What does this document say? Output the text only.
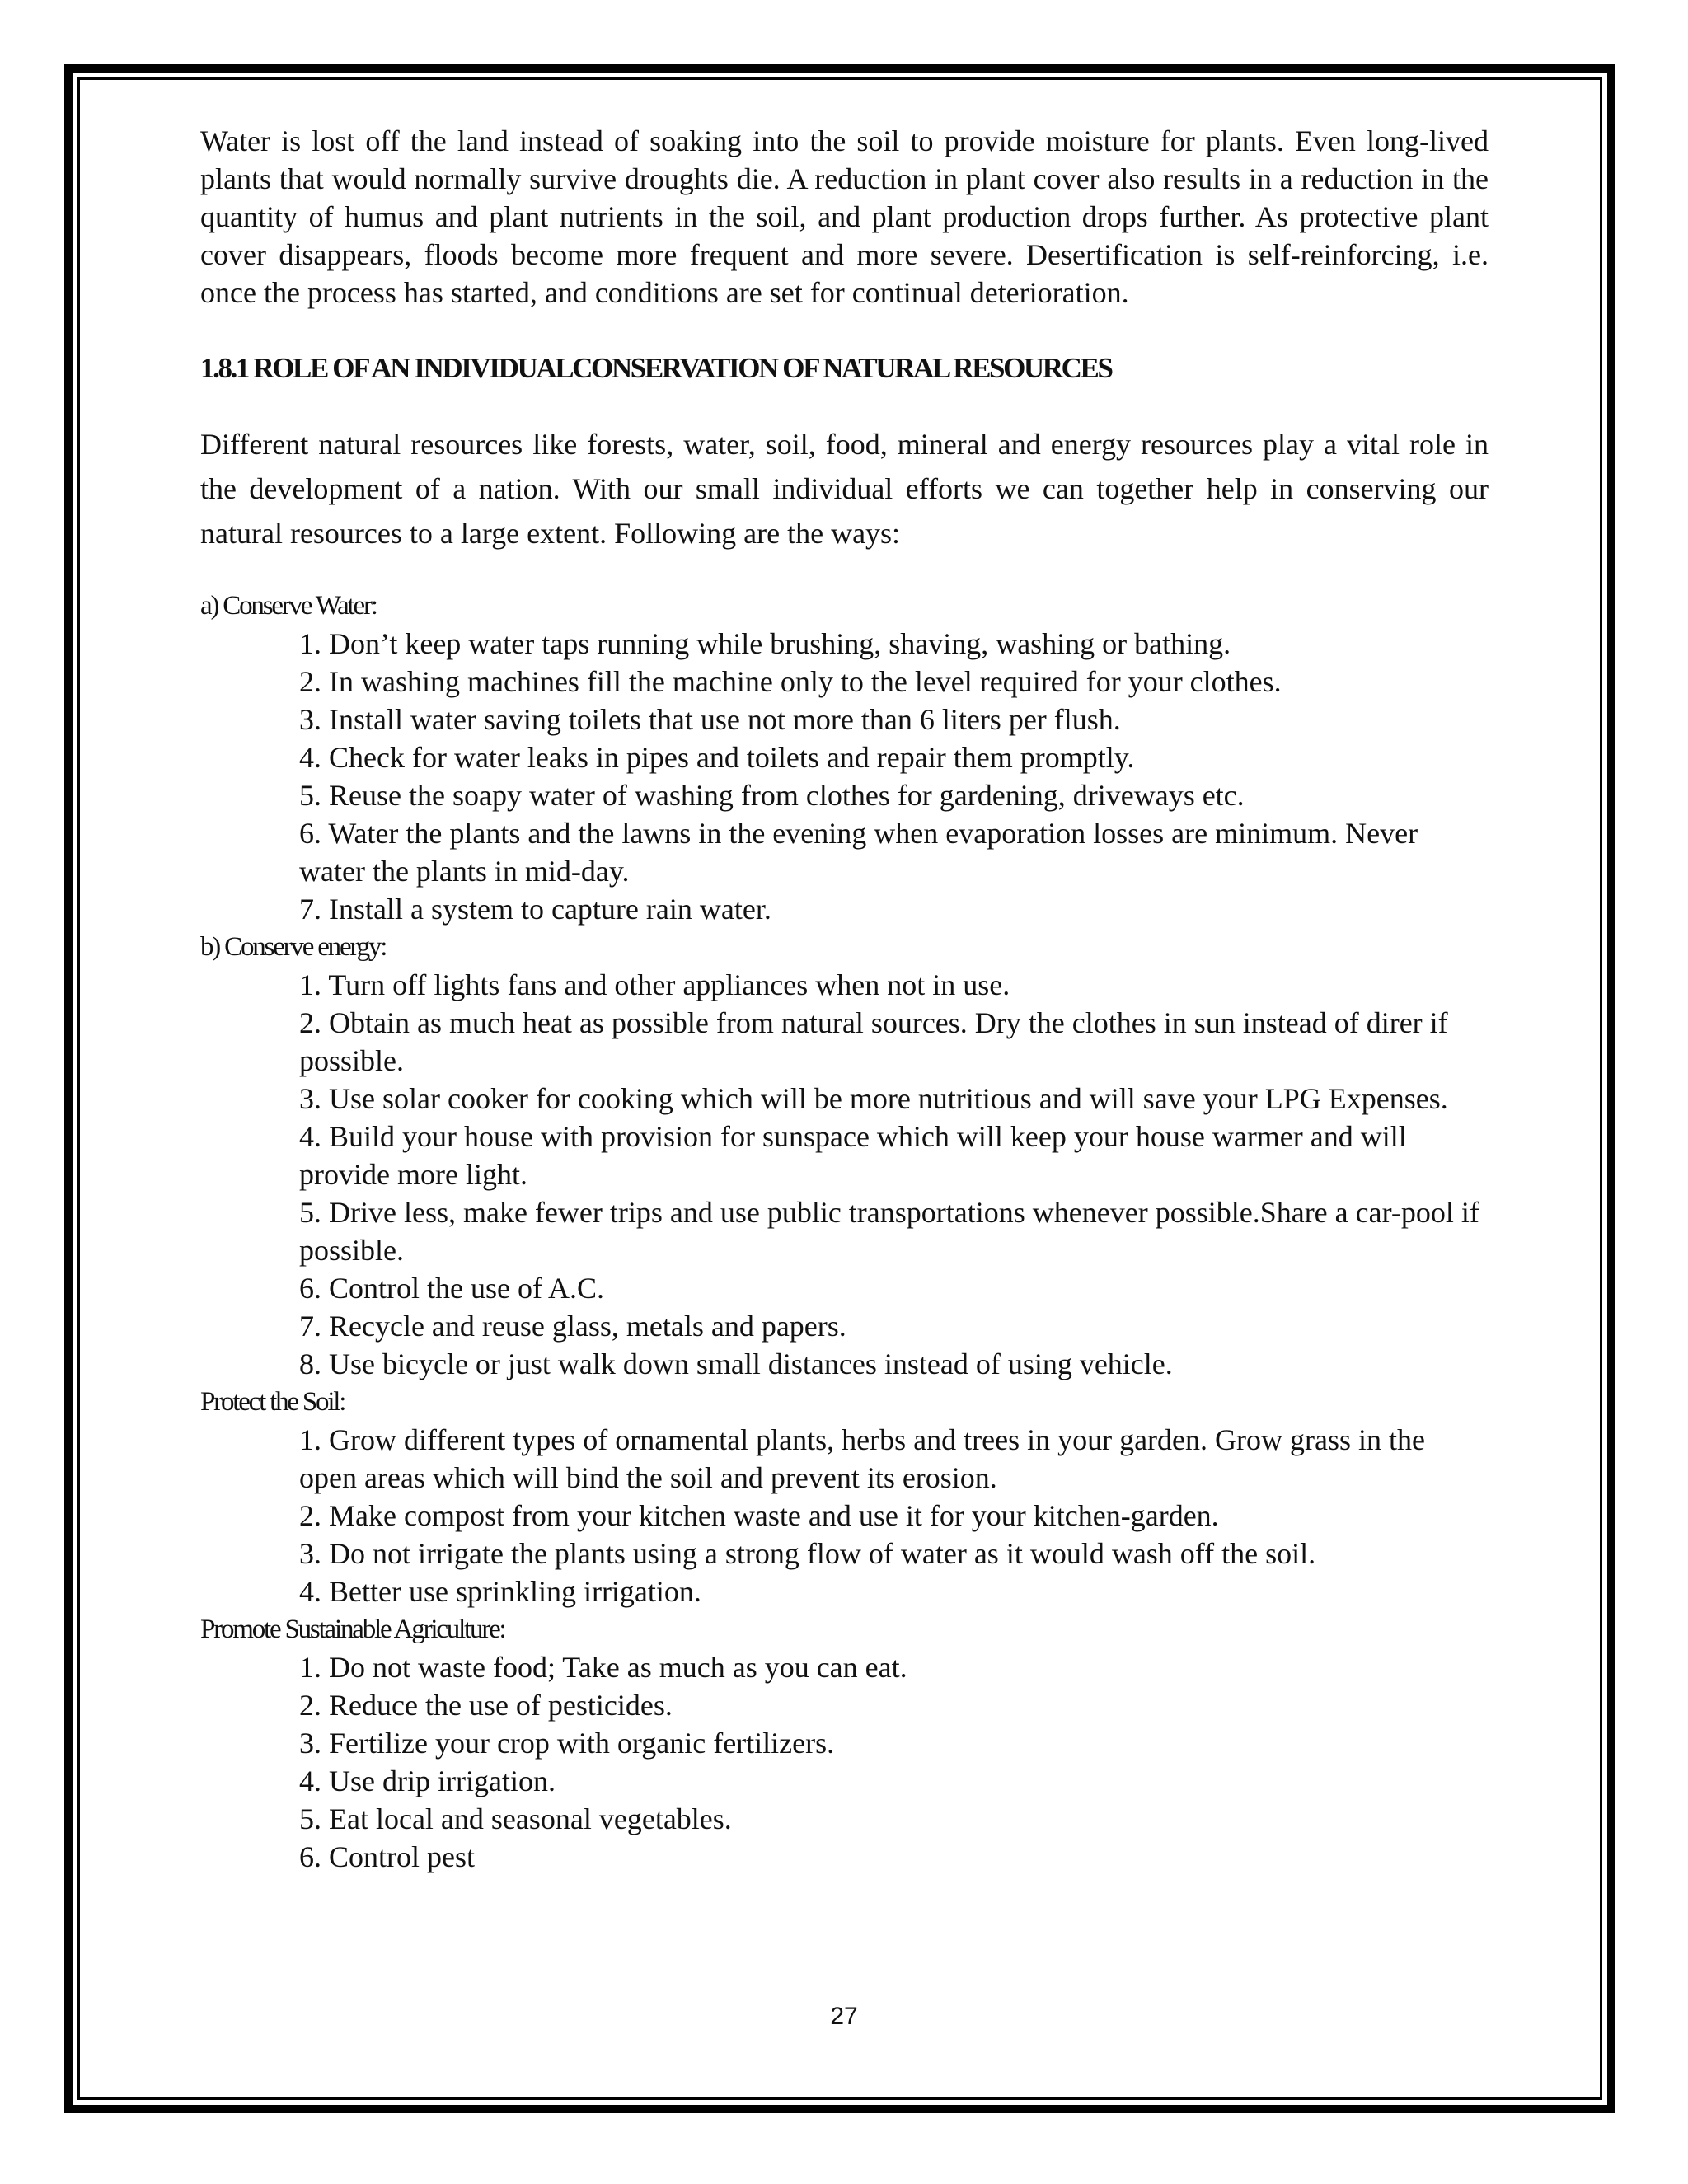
Water is lost off the land instead of soaking into the soil to provide moisture for plants. Even long-lived plants that would normally survive droughts die. A reduction in plant cover also results in a reduction in the quantity of humus and plant nutrients in the soil, and plant production drops further. As protective plant cover disappears, floods become more frequent and more severe. Desertification is self-reinforcing, i.e. once the process has started, and conditions are set for continual deterioration.

1.8.1 ROLE OF AN INDIVIDUALCONSERVATION OF NATURAL RESOURCES

Different natural resources like forests, water, soil, food, mineral and energy resources play a vital role in the development of a nation. With our small individual efforts we can together help in conserving our natural resources to a large extent. Following are the ways:

a) Conserve Water:

1. Don’t keep water taps running while brushing, shaving, washing or bathing.

2. In washing machines fill the machine only to the level required for your clothes.

3. Install water saving toilets that use not more than 6 liters per flush.

4. Check for water leaks in pipes and toilets and repair them promptly.

5. Reuse the soapy water of washing from clothes for gardening, driveways etc.

6. Water the plants and the lawns in the evening when evaporation losses are minimum. Never water the plants in mid-day.

7. Install a system to capture rain water.

b) Conserve energy:

1. Turn off lights fans and other appliances when not in use.

2. Obtain as much heat as possible from natural sources. Dry the clothes in sun instead of direr if possible.

3. Use solar cooker for cooking which will be more nutritious and will save your LPG Expenses.

4. Build your house with provision for sunspace which will keep your house warmer and will provide more light.

5. Drive less, make fewer trips and use public transportations whenever possible.Share a car-pool if possible.

6. Control the use of A.C.

7. Recycle and reuse glass, metals and papers.

8. Use bicycle or just walk down small distances instead of using vehicle.

Protect the Soil:

1. Grow different types of ornamental plants, herbs and trees in your garden. Grow grass in the open areas which will bind the soil and prevent its erosion.

2. Make compost from your kitchen waste and use it for your kitchen-garden.

3. Do not irrigate the plants using a strong flow of water as it would wash off the soil.

4. Better use sprinkling irrigation.

Promote Sustainable Agriculture:

1. Do not waste food; Take as much as you can eat.

2. Reduce the use of pesticides.

3. Fertilize your crop with organic fertilizers.

4. Use drip irrigation.

5. Eat local and seasonal vegetables.

6. Control pest

27
